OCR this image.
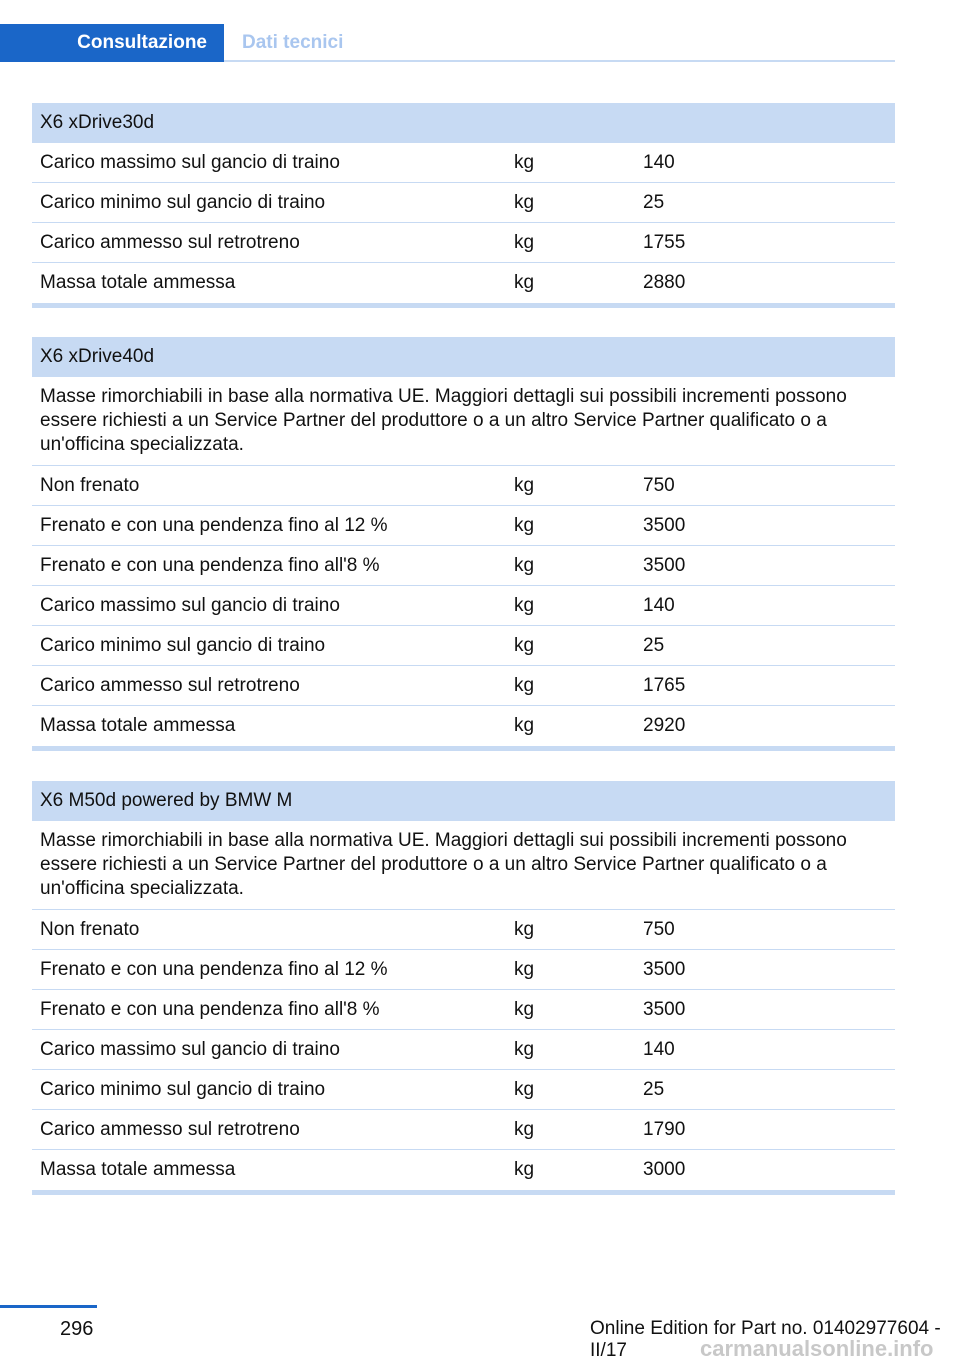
Consultazione	Dati tecnici
X6 xDrive30d
Carico massimo sul gancio di traino	kg	140
Carico minimo sul gancio di traino	kg	25
Carico ammesso sul retrotreno	kg	1755
Massa totale ammessa	kg	2880
X6 xDrive40d
Masse rimorchiabili in base alla normativa UE. Maggiori dettagli sui possibili incrementi possono essere richiesti a un Service Partner del produttore o a un altro Service Partner qualificato o a un'officina specializzata.
Non frenato	kg	750
Frenato e con una pendenza fino al 12 %	kg	3500
Frenato e con una pendenza fino all'8 %	kg	3500
Carico massimo sul gancio di traino	kg	140
Carico minimo sul gancio di traino	kg	25
Carico ammesso sul retrotreno	kg	1765
Massa totale ammessa	kg	2920
X6 M50d powered by BMW M
Masse rimorchiabili in base alla normativa UE. Maggiori dettagli sui possibili incrementi possono essere richiesti a un Service Partner del produttore o a un altro Service Partner qualificato o a un'officina specializzata.
Non frenato	kg	750
Frenato e con una pendenza fino al 12 %	kg	3500
Frenato e con una pendenza fino all'8 %	kg	3500
Carico massimo sul gancio di traino	kg	140
Carico minimo sul gancio di traino	kg	25
Carico ammesso sul retrotreno	kg	1790
Massa totale ammessa	kg	3000
296	Online Edition for Part no. 01402977604 - II/17	carmanualsonline.info
